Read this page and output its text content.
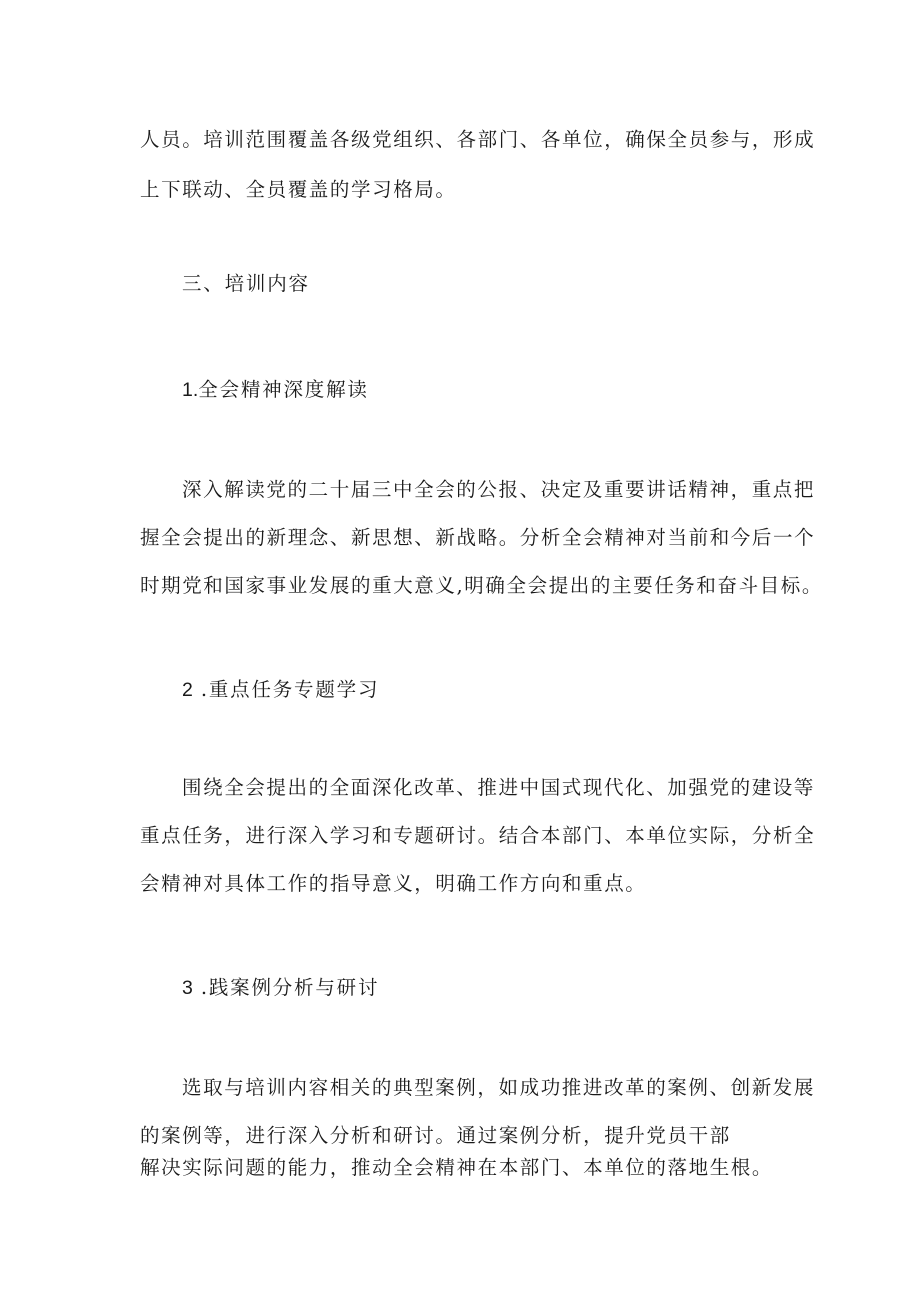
人员。培训范围覆盖各级党组织、各部门、各单位，确保全员参与，形成
上下联动、全员覆盖的学习格局。
三、培训内容
1.全会精神深度解读
深入解读党的二十届三中全会的公报、决定及重要讲话精神，重点把
握全会提出的新理念、新思想、新战略。分析全会精神对当前和今后一个
时期党和国家事业发展的重大意义,明确全会提出的主要任务和奋斗目标。
2 .重点任务专题学习
围绕全会提出的全面深化改革、推进中国式现代化、加强党的建设等
重点任务，进行深入学习和专题研讨。结合本部门、本单位实际，分析全
会精神对具体工作的指导意义，明确工作方向和重点。
3 .践案例分析与研讨
选取与培训内容相关的典型案例，如成功推进改革的案例、创新发展
的案例等，进行深入分析和研讨。通过案例分析，提升党员干部
解决实际问题的能力，推动全会精神在本部门、本单位的落地生根。
